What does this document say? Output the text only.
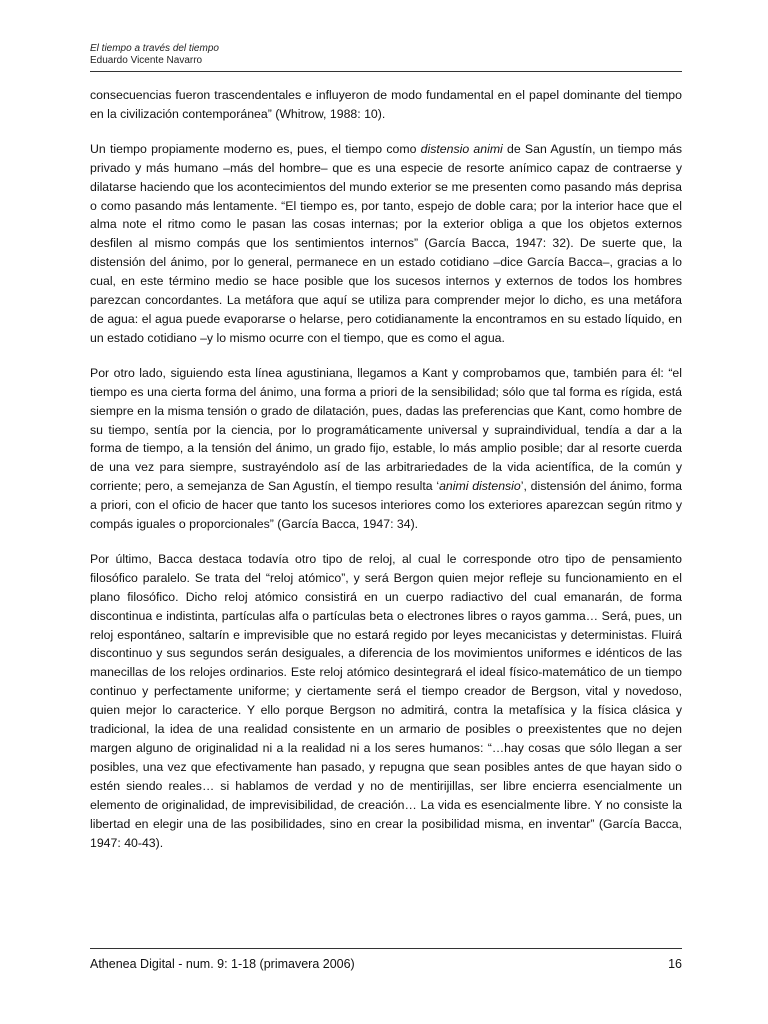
El tiempo a través del tiempo
Eduardo Vicente Navarro

consecuencias fueron trascendentales e influyeron de modo fundamental en el papel dominante del tiempo en la civilización contemporánea” (Whitrow, 1988: 10).

Un tiempo propiamente moderno es, pues, el tiempo como distensio animi de San Agustín, un tiempo más privado y más humano –más del hombre– que es una especie de resorte anímico capaz de contraerse y dilatarse haciendo que los acontecimientos del mundo exterior se me presenten como pasando más deprisa o como pasando más lentamente. “El tiempo es, por tanto, espejo de doble cara; por la interior hace que el alma note el ritmo como le pasan las cosas internas; por la exterior obliga a que los objetos externos desfilen al mismo compás que los sentimientos internos” (García Bacca, 1947: 32). De suerte que, la distensión del ánimo, por lo general, permanece en un estado cotidiano –dice García Bacca–, gracias a lo cual, en este término medio se hace posible que los sucesos internos y externos de todos los hombres parezcan concordantes. La metáfora que aquí se utiliza para comprender mejor lo dicho, es una metáfora de agua: el agua puede evaporarse o helarse, pero cotidianamente la encontramos en su estado líquido, en un estado cotidiano –y lo mismo ocurre con el tiempo, que es como el agua.

Por otro lado, siguiendo esta línea agustiniana, llegamos a Kant y comprobamos que, también para él: “el tiempo es una cierta forma del ánimo, una forma a priori de la sensibilidad; sólo que tal forma es rígida, está siempre en la misma tensión o grado de dilatación, pues, dadas las preferencias que Kant, como hombre de su tiempo, sentía por la ciencia, por lo programáticamente universal y supraindividual, tendía a dar a la forma de tiempo, a la tensión del ánimo, un grado fijo, estable, lo más amplio posible; dar al resorte cuerda de una vez para siempre, sustrayéndolo así de las arbitrariedades de la vida acientífica, de la común y corriente; pero, a semejanza de San Agustín, el tiempo resulta ‘animi distensio’, distensión del ánimo, forma a priori, con el oficio de hacer que tanto los sucesos interiores como los exteriores aparezcan según ritmo y compás iguales o proporcionales” (García Bacca, 1947: 34).

Por último, Bacca destaca todavía otro tipo de reloj, al cual le corresponde otro tipo de pensamiento filosófico paralelo. Se trata del “reloj atómico”, y será Bergon quien mejor refleje su funcionamiento en el plano filosófico. Dicho reloj atómico consistirá en un cuerpo radiactivo del cual emanarán, de forma discontinua e indistinta, partículas alfa o partículas beta o electrones libres o rayos gamma… Será, pues, un reloj espontáneo, saltarín e imprevisible que no estará regido por leyes mecanicistas y deterministas. Fluirá discontinuo y sus segundos serán desiguales, a diferencia de los movimientos uniformes e idénticos de las manecillas de los relojes ordinarios. Este reloj atómico desintegrará el ideal físico-matemático de un tiempo continuo y perfectamente uniforme; y ciertamente será el tiempo creador de Bergson, vital y novedoso, quien mejor lo caracterice. Y ello porque Bergson no admitirá, contra la metafísica y la física clásica y tradicional, la idea de una realidad consistente en un armario de posibles o preexistentes que no dejen margen alguno de originalidad ni a la realidad ni a los seres humanos: “…hay cosas que sólo llegan a ser posibles, una vez que efectivamente han pasado, y repugna que sean posibles antes de que hayan sido o estén siendo reales… si hablamos de verdad y no de mentirijillas, ser libre encierra esencialmente un elemento de originalidad, de imprevisibilidad, de creación… La vida es esencialmente libre. Y no consiste la libertad en elegir una de las posibilidades, sino en crear la posibilidad misma, en inventar” (García Bacca, 1947: 40-43).

Athenea Digital - num. 9: 1-18 (primavera 2006)	16
